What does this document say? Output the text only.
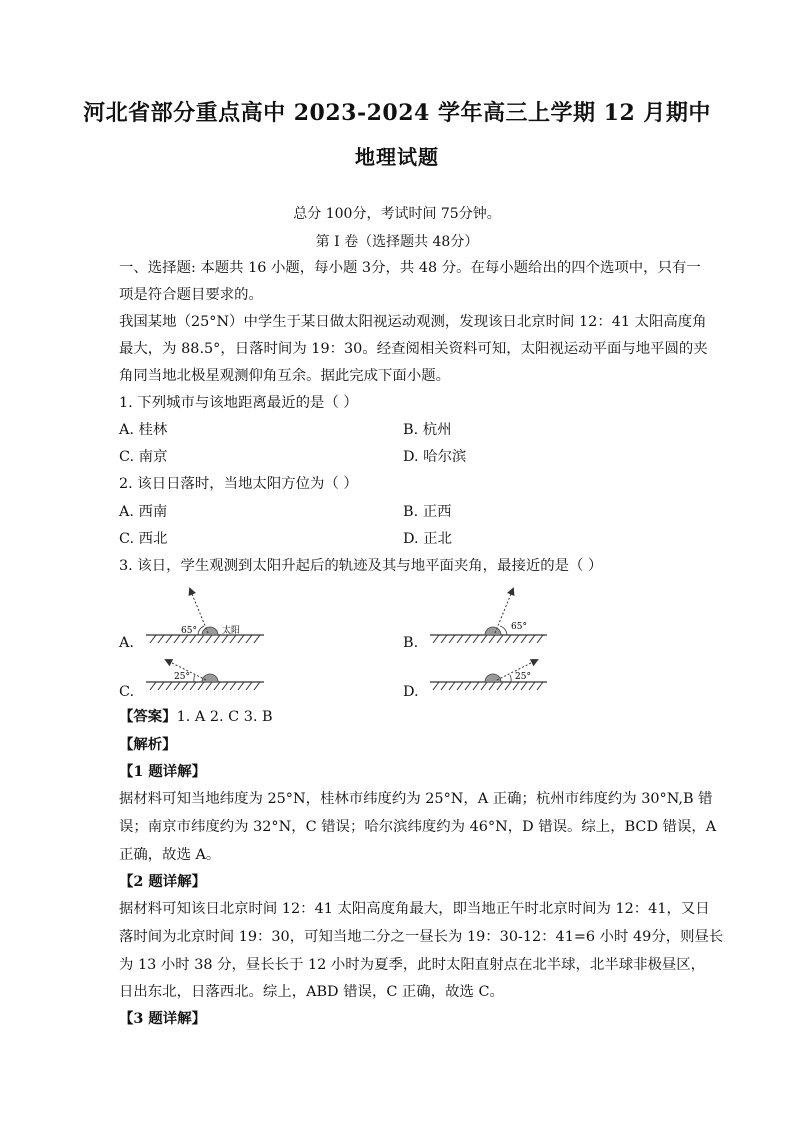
河北省部分重点高中 2023-2024 学年高三上学期 12 月期中
地理试题
总分 100分，考试时间 75分钟。
第 I 卷（选择题共 48分）
一、选择题: 本题共 16 小题，每小题 3分，共 48 分。在每小题给出的四个选项中，只有一
项是符合题目要求的。
我国某地（25°N）中学生于某日做太阳视运动观测，发现该日北京时间 12：41 太阳高度角
最大，为 88.5°，日落时间为 19：30。经查阅相关资料可知，太阳视运动平面与地平圆的夹
角同当地北极星观测仰角互余。据此完成下面小题。
1. 下列城市与该地距离最近的是（ ）
A. 桂林	B. 杭州
C. 南京	D. 哈尔滨
2. 该日日落时，当地太阳方位为（ ）
A. 西南	B. 正西
C. 西北	D. 正北
3. 该日，学生观测到太阳升起后的轨迹及其与地平面夹角，最接近的是（ ）
A.	B.
C.	D.
65°	太阳	65°
25°	25°
【答案】1. A 2. C 3. B
【解析】
【1 题详解】
据材料可知当地纬度为 25°N，桂林市纬度约为 25°N，A 正确；杭州市纬度约为 30°N,B 错
误；南京市纬度约为 32°N，C 错误；哈尔滨纬度约为 46°N，D 错误。综上，BCD 错误，A
正确，故选 A。
【2 题详解】
据材料可知该日北京时间 12：41 太阳高度角最大，即当地正午时北京时间为 12：41，又日
落时间为北京时间 19：30，可知当地二分之一昼长为 19：30-12：41=6 小时 49分，则昼长
为 13 小时 38 分，昼长长于 12 小时为夏季，此时太阳直射点在北半球，北半球非极昼区，
日出东北，日落西北。综上，ABD 错误，C 正确，故选 C。
【3 题详解】
